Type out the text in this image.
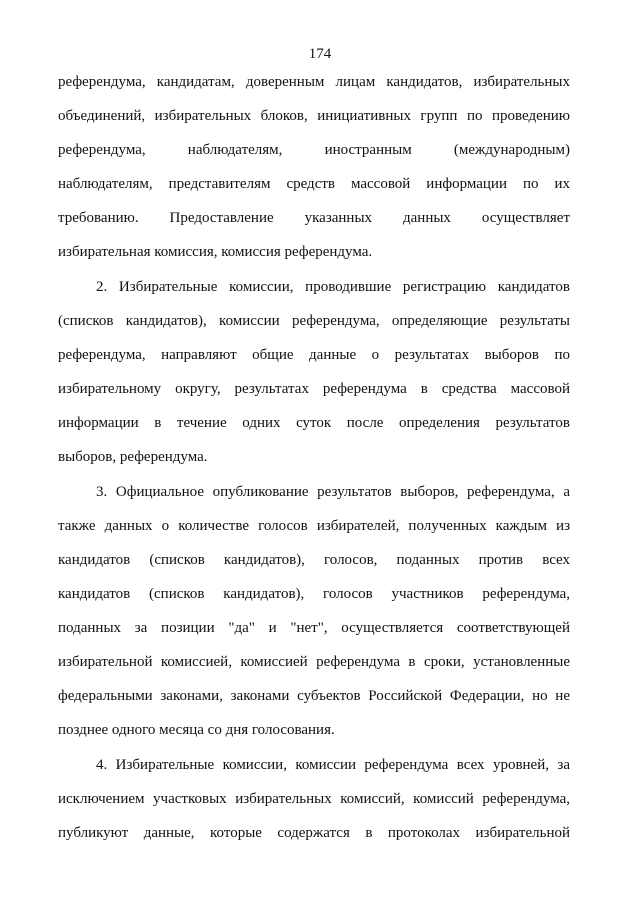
174
референдума, кандидатам, доверенным лицам кандидатов, избирательных
объединений, избирательных блоков, инициативных групп по проведению
референдума, наблюдателям, иностранным (международным)
наблюдателям, представителям средств массовой информации по их
требованию. Предоставление указанных данных осуществляет
избирательная комиссия, комиссия референдума.
2. Избирательные комиссии, проводившие регистрацию кандидатов
(списков кандидатов), комиссии референдума, определяющие результаты
референдума, направляют общие данные о результатах выборов по
избирательному округу, результатах референдума в средства массовой
информации в течение одних суток после определения результатов
выборов, референдума.
3. Официальное опубликование результатов выборов, референдума, а
также данных о количестве голосов избирателей, полученных каждым из
кандидатов (списков кандидатов), голосов, поданных против всех
кандидатов (списков кандидатов), голосов участников референдума,
поданных за позиции "да" и "нет", осуществляется соответствующей
избирательной комиссией, комиссией референдума в сроки, установленные
федеральными законами, законами субъектов Российской Федерации, но не
позднее одного месяца со дня голосования.
4. Избирательные комиссии, комиссии референдума всех уровней, за
исключением участковых избирательных комиссий, комиссий референдума,
публикуют данные, которые содержатся в протоколах избирательной
